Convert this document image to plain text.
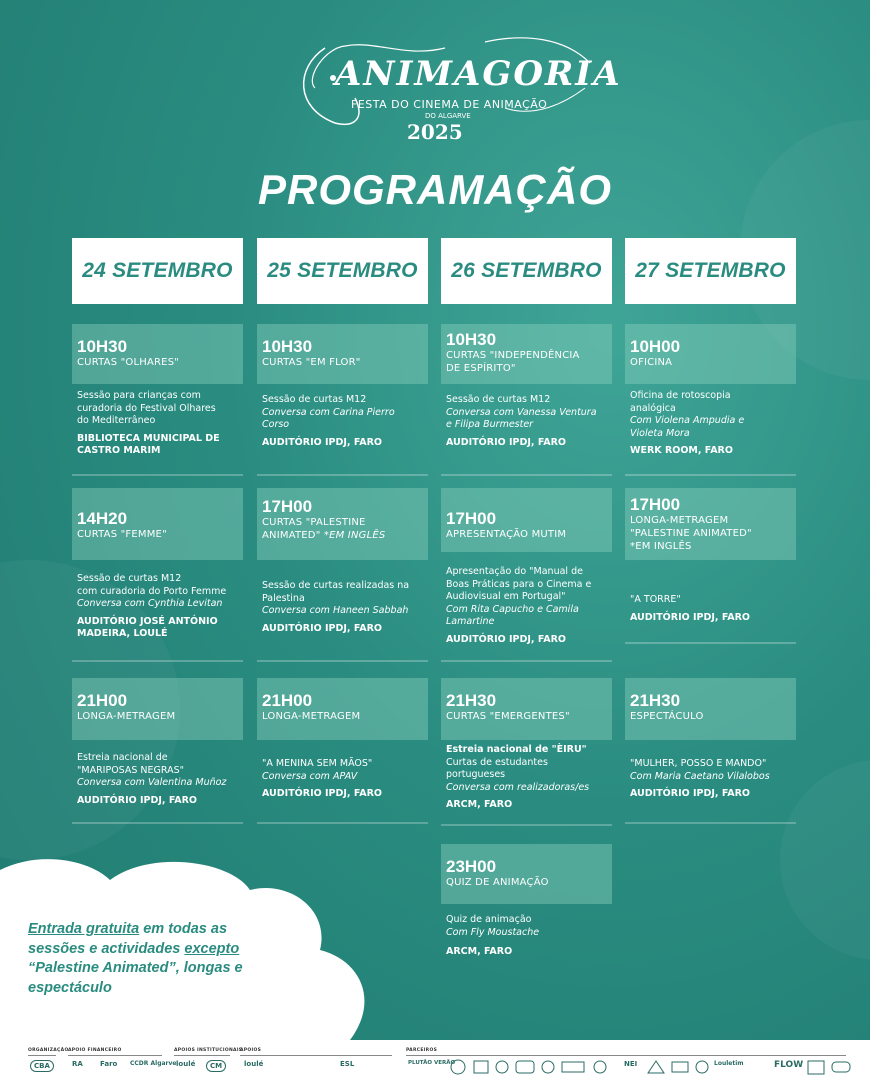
ANIMAGORIA
FESTA DO CINEMA DE ANIMAÇÃO
DO ALGARVE
2025
PROGRAMAÇÃO
24 SETEMBRO	25 SETEMBRO	26 SETEMBRO	27 SETEMBRO
10H30
CURTAS "OLHARES"
Sessão para crianças com
curadoria do Festival Olhares
do Mediterrâneo
BIBLIOTECA MUNICIPAL DE
CASTRO MARIM
14H20
CURTAS "FEMME"
Sessão de curtas M12
com curadoria do Porto Femme
Conversa com Cynthia Levitan
AUDITÓRIO JOSÉ ANTÓNIO
MADEIRA, LOULÉ
21H00
LONGA-METRAGEM
Estreia nacional de
"MARIPOSAS NEGRAS"
Conversa com Valentina Muñoz
AUDITÓRIO IPDJ, FARO
10H30
CURTAS "EM FLOR"
Sessão de curtas M12
Conversa com Carina Pierro
Corso
AUDITÓRIO IPDJ, FARO
17H00
CURTAS "PALESTINE
ANIMATED" *EM INGLÊS
Sessão de curtas realizadas na
Palestina
Conversa com Haneen Sabbah
AUDITÓRIO IPDJ, FARO
21H00
LONGA-METRAGEM
"A MENINA SEM MÃOS"
Conversa com APAV
AUDITÓRIO IPDJ, FARO
10H30
CURTAS "INDEPENDÊNCIA
DE ESPÍRITO"
Sessão de curtas M12
Conversa com Vanessa Ventura
e Filipa Burmester
AUDITÓRIO IPDJ, FARO
17H00
APRESENTAÇÃO MUTIM
Apresentação do "Manual de
Boas Práticas para o Cinema e
Audiovisual em Portugal"
Com Rita Capucho e Camila
Lamartine
AUDITÓRIO IPDJ, FARO
21H30
CURTAS "EMERGENTES"
Estreia nacional de "ÈIRU"
Curtas de estudantes
portugueses
Conversa com realizadoras/es
ARCM, FARO
23H00
QUIZ DE ANIMAÇÃO
Quiz de animação
Com Fly Moustache
ARCM, FARO
10H00
OFICINA
Oficina de rotoscopia
analógica
Com Violena Ampudia e
Violeta Mora
WERK ROOM, FARO
17H00
LONGA-METRAGEM
"PALESTINE ANIMATED"
*EM INGLÊS
"A TORRE"
AUDITÓRIO IPDJ, FARO
21H30
ESPECTÁCULO
"MULHER, POSSO E MANDO"
Com Maria Caetano Vilalobos
AUDITÓRIO IPDJ, FARO
Entrada gratuita em todas as sessões e actividades excepto “Palestine Animated”, longas e espectáculo
ORGANIZAÇÃO APOIO FINANCEIRO	APOIOS INSTITUCIONAIS
APOIOS	PARCEIROS
CBA	RA Faro CCDR Algarve loulé	CM	loulé	ESL	PLUTÃO VERÃO	NEI	FLOW
Louletim
